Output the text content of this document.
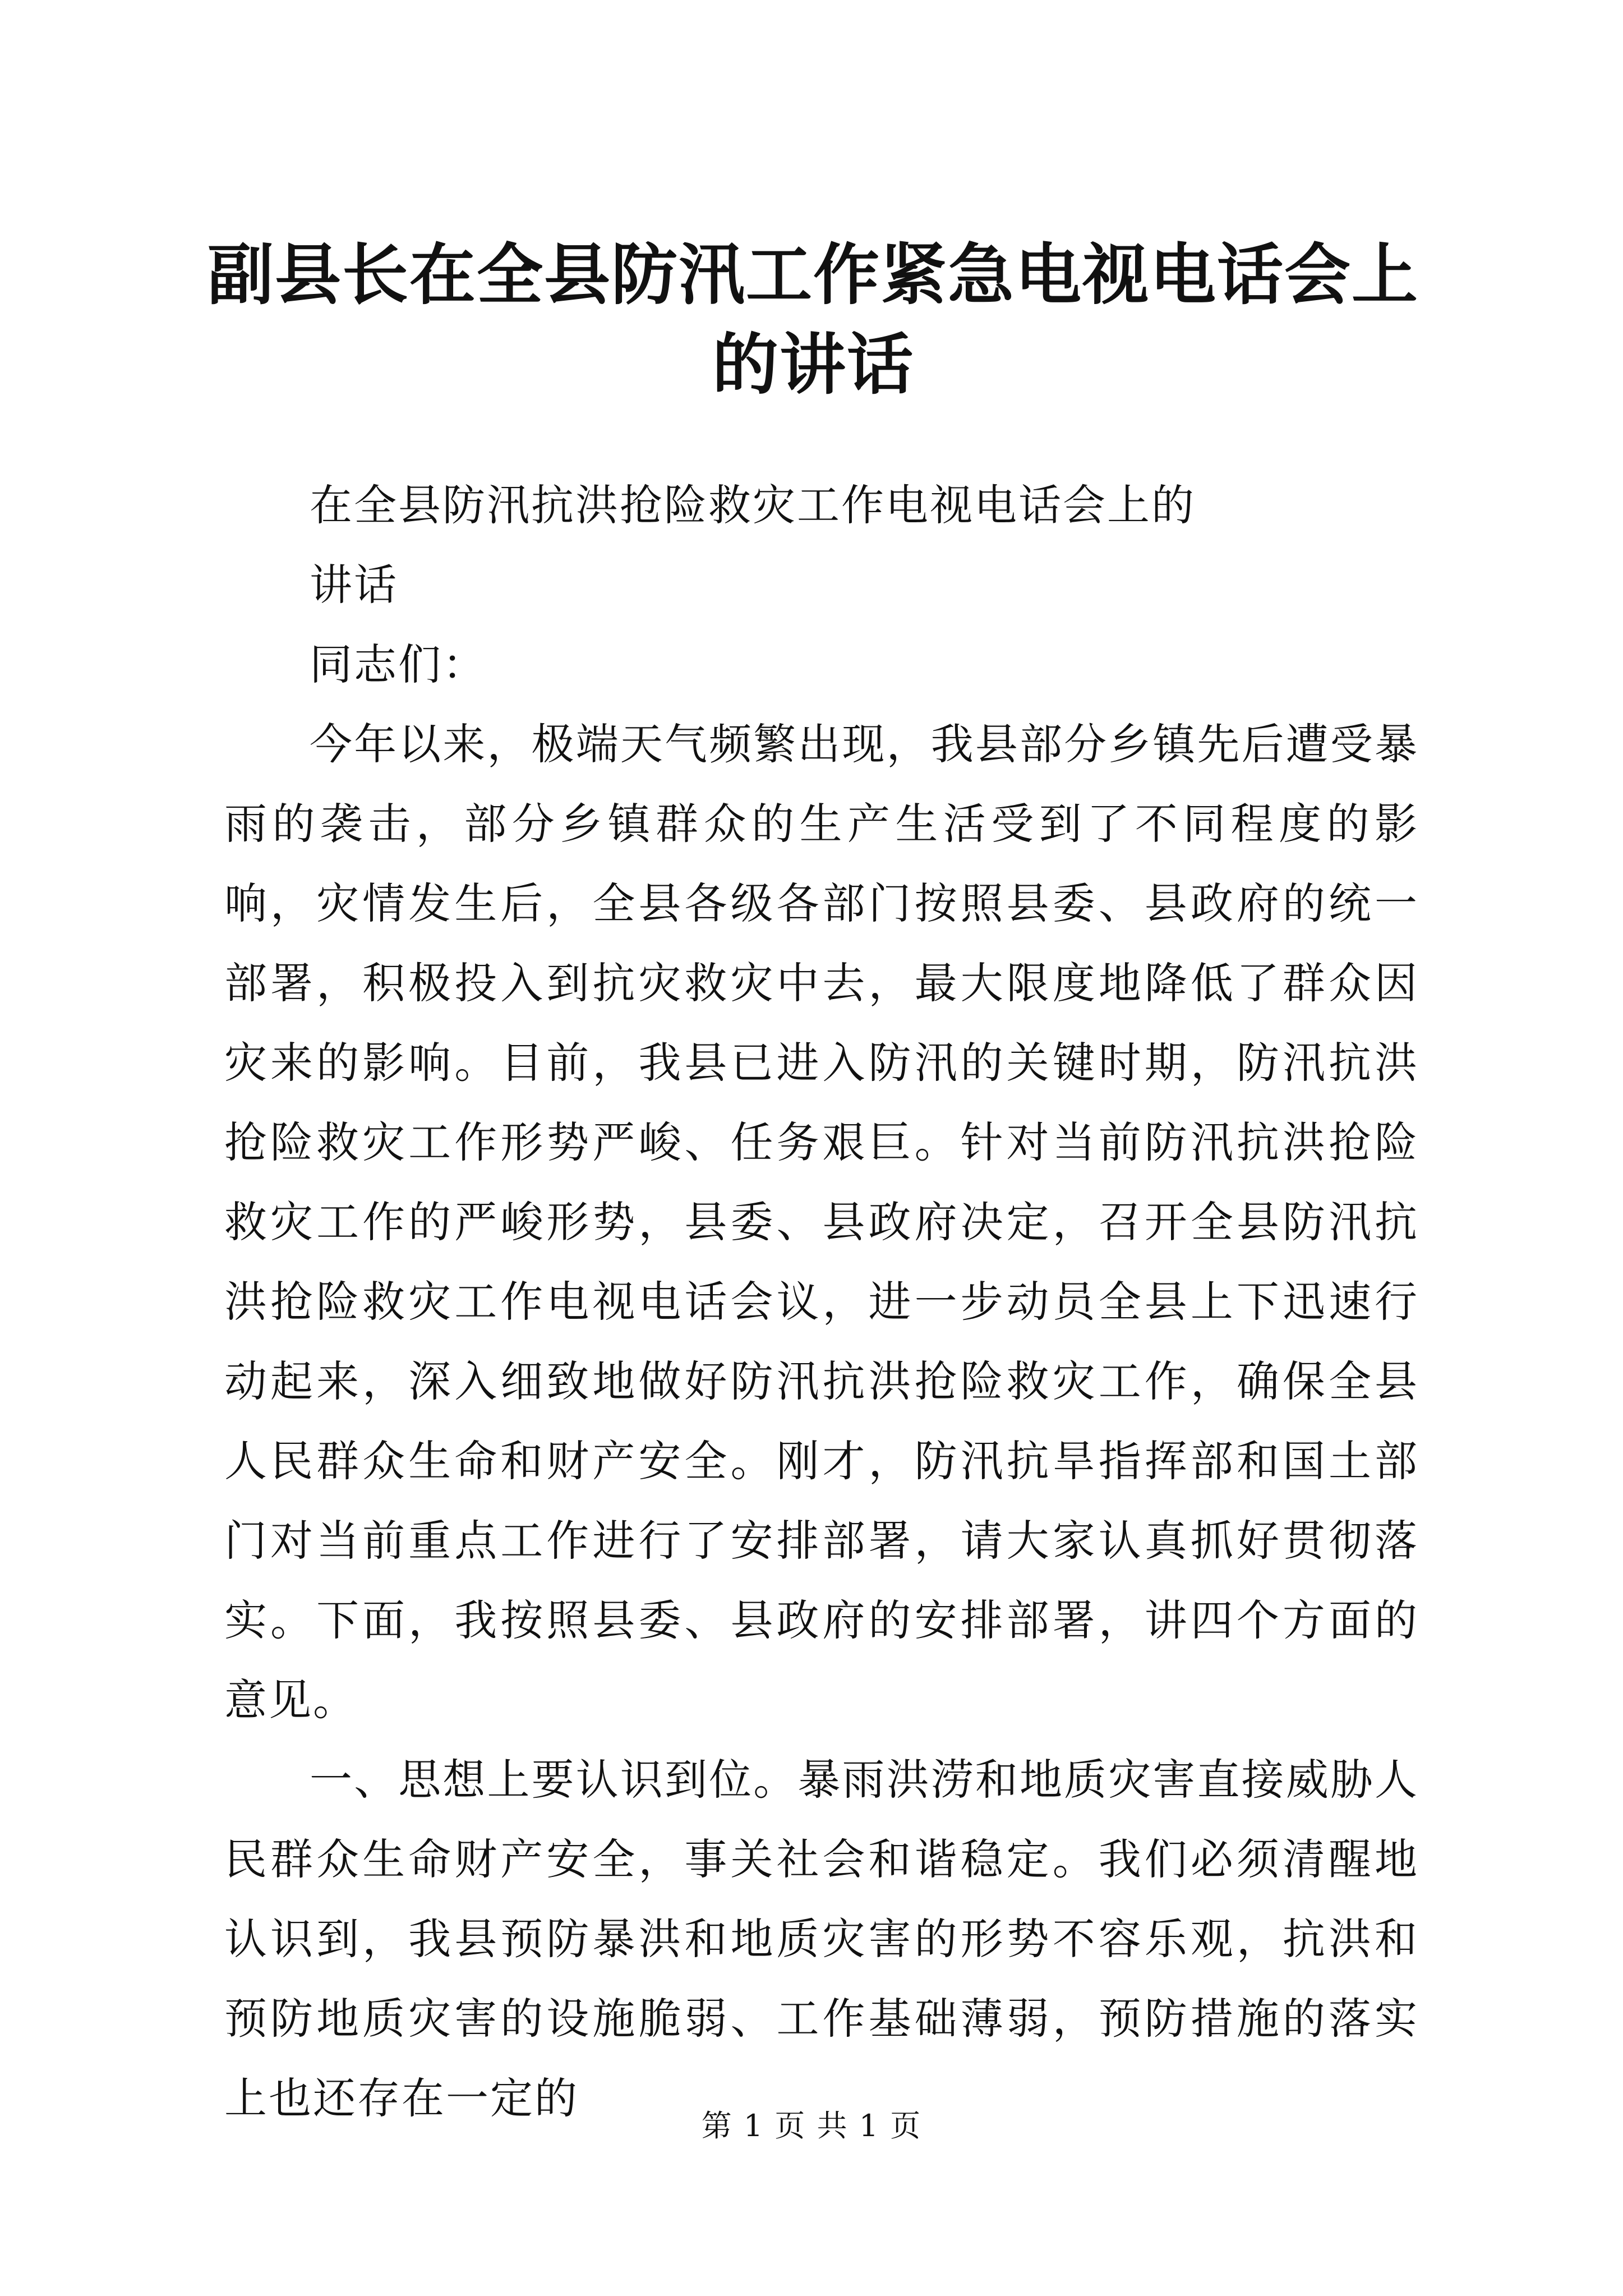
副县长在全县防汛工作紧急电视电话会上的讲话

在全县防汛抗洪抢险救灾工作电视电话会上的

讲话

同志们：

今年以来，极端天气频繁出现，我县部分乡镇先后遭受暴雨的袭击，部分乡镇群众的生产生活受到了不同程度的影响，灾情发生后，全县各级各部门按照县委、县政府的统一部署，积极投入到抗灾救灾中去，最大限度地降低了群众因灾来的影响。目前，我县已进入防汛的关键时期，防汛抗洪抢险救灾工作形势严峻、任务艰巨。针对当前防汛抗洪抢险救灾工作的严峻形势，县委、县政府决定，召开全县防汛抗洪抢险救灾工作电视电话会议，进一步动员全县上下迅速行动起来，深入细致地做好防汛抗洪抢险救灾工作，确保全县人民群众生命和财产安全。刚才，防汛抗旱指挥部和国土部门对当前重点工作进行了安排部署，请大家认真抓好贯彻落实。下面，我按照县委、县政府的安排部署，讲四个方面的意见。

一、思想上要认识到位。暴雨洪涝和地质灾害直接威胁人民群众生命财产安全，事关社会和谐稳定。我们必须清醒地认识到，我县预防暴洪和地质灾害的形势不容乐观，抗洪和预防地质灾害的设施脆弱、工作基础薄弱，预防措施的落实上也还存在一定的

第 1 页 共 1 页
